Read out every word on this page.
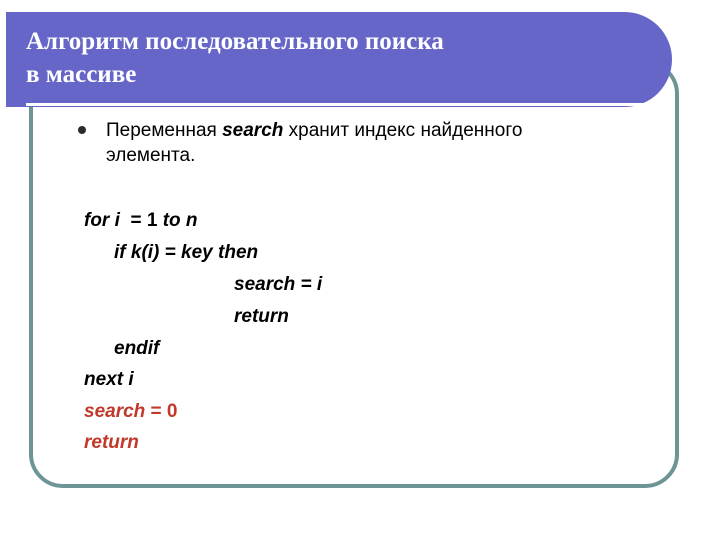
Алгоритм последовательного поиска
в массиве
Переменная search хранит индекс найденного
элемента.
for i  = 1 to n
if k(i) = key then
search = i
return
endif
next i
search = 0
return
